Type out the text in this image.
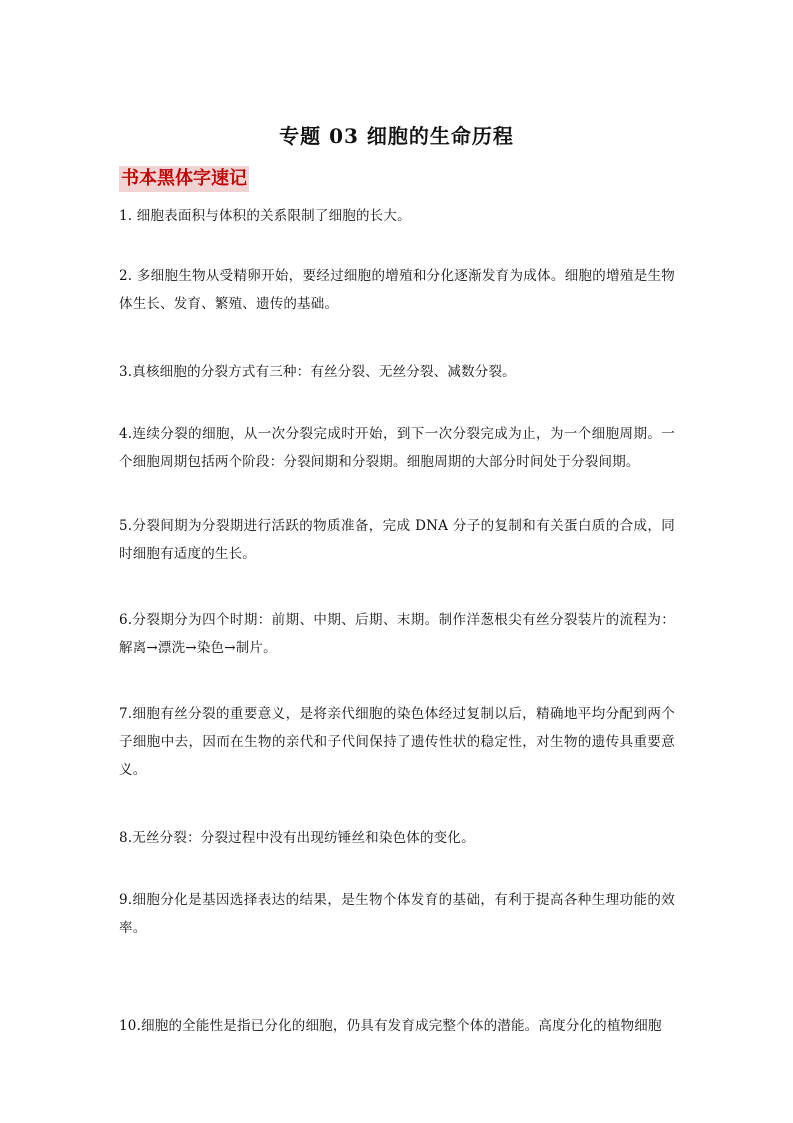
专题 03 细胞的生命历程
书本黑体字速记

1. 细胞表面积与体积的关系限制了细胞的长大。

2. 多细胞生物从受精卵开始，要经过细胞的增殖和分化逐渐发育为成体。细胞的增殖是生物体生长、发育、繁殖、遗传的基础。

3.真核细胞的分裂方式有三种：有丝分裂、无丝分裂、减数分裂。

4.连续分裂的细胞，从一次分裂完成时开始，到下一次分裂完成为止，为一个细胞周期。一个细胞周期包括两个阶段：分裂间期和分裂期。细胞周期的大部分时间处于分裂间期。

5.分裂间期为分裂期进行活跃的物质准备，完成 DNA 分子的复制和有关蛋白质的合成，同时细胞有适度的生长。

6.分裂期分为四个时期：前期、中期、后期、末期。制作洋葱根尖有丝分裂装片的流程为：解离→漂洗→染色→制片。

7.细胞有丝分裂的重要意义，是将亲代细胞的染色体经过复制以后，精确地平均分配到两个子细胞中去，因而在生物的亲代和子代间保持了遗传性状的稳定性，对生物的遗传具重要意义。

8.无丝分裂：分裂过程中没有出现纺锤丝和染色体的变化。

9.细胞分化是基因选择表达的结果，是生物个体发育的基础，有利于提高各种生理功能的效率。

10.细胞的全能性是指已分化的细胞，仍具有发育成完整个体的潜能。高度分化的植物细胞
